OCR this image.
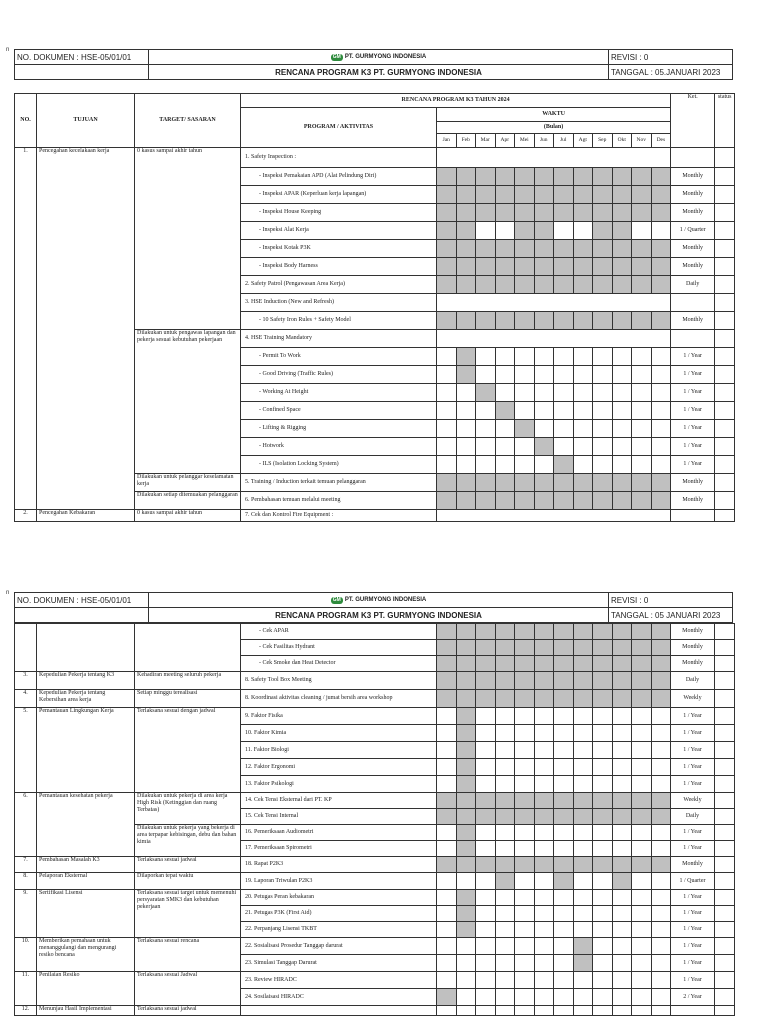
n
n
NO. DOKUMEN : HSE-05/01/01	GM PT. GURMYONG INDONESIA	REVISI : 0
	RENCANA PROGRAM K3 PT. GURMYONG INDONESIA	TANGGAL : 05.JANUARI 2023
NO.	TUJUAN	TARGET/ SASARAN	RENCANA PROGRAM K3 TAHUN 2024													Ket.	status
			PROGRAM / AKTIVITAS	WAKTU													
				(Bulan)													
				Jan	Feb	Mar	Apr	Mei	Jun	Jul	Agt	Sep	Okt	Nov	Des		
1.	Pencegahan kecelakaan kerja	0 kasus sampai akhir tahun	1. Safety Inspection :														
			- Inspeksi Pemakaian APD (Alat Pelindung Diri)													Monthly	
			- Inspeksi APAR (Keperluan kerja lapangan)													Monthly	
			- Inspeksi House Keeping													Monthly	
			- Inspeksi Alat Kerja													1 / Quarter	
			- Inspeksi Kotak P3K													Monthly	
			- Inspeksi Body Harness													Monthly	
			2. Safety Patrol (Pengawasan Area Kerja)													Daily	
			3. HSE Induction (New and Refresh)														
			- 10 Safety Iron Rules + Safety Model													Monthly	
		Dilakukan untuk pengawas lapangan dan pekerja sesuai kebutuhan pekerjaan	4. HSE Training Mandatory														
			- Permit To Work													1 / Year	
			- Good Driving (Traffic Rules)													1 / Year	
			- Working At Height													1 / Year	
			- Confined Space													1 / Year	
			- Lifting & Rigging													1 / Year	
			- Hotwork													1 / Year	
			- ILS (Isolation Locking System)													1 / Year	
		Dilakukan untuk pelanggar keselamatan kerja	5. Training / Induction terkait temuan pelanggaran													Monthly	
		Dilakukan setiap ditemuakan pelanggaran	6. Pembahasan temuan melalui meeting													Monthly	
2.	Pencegahan Kebakaran	0 kasus sampai akhir tahun	7. Cek dan Kontrol Fire Equipment :														
NO. DOKUMEN : HSE-05/01/01	GM PT. GURMYONG INDONESIA	REVISI : 0
	RENCANA PROGRAM K3 PT. GURMYONG INDONESIA	TANGGAL : 05 JANUARI 2023
			- Cek APAR													Monthly	
			- Cek Fasilitas Hydrant													Monthly	
			- Cek Smoke dan Heat Detector													Monthly	
3.	Kepedulian Pekerja tentang K3	Kehadiran meeting seluruh pekerja	8. Safety Tool Box Meeting													Daily	
4.	Kepedulian Pekerja tentang Kebersihan area kerja	Setiap minggu terealisasi	8. Koordinasi aktivitas cleaning / jumat bersih area workshop													Weekly	
5.	Pemantauan Lingkungan Kerja	Terlaksana sesuai dengan jadwal	9. Faktor Fisika													1 / Year	
			10. Faktor Kimia													1 / Year	
			11. Faktor Biologi													1 / Year	
			12. Faktor Ergonomi													1 / Year	
			13. Faktor Psikologi													1 / Year	
6.	Pemantauan kesehatan pekerja	Dilakukan untuk pekerja di area kerja High Risk (Ketinggian dan ruang Terbatas)	14. Cek Tensi Eksternal dari PT. KP													Weekly	
			15. Cek Tensi Internal													Daily	
		Dilakukan untuk pekerja yang bekerja di area terpapar kebisingan, debu dan bahan kimia	16. Pemeriksaan Audiometri													1 / Year	
			17. Pemeriksaan Spirometri													1 / Year	
7.	Pembahasan Masalah K3	Terlaksana sesuai jadwal	18. Rapat P2K3													Monthly	
8.	Pelaporan Eksternal	Dilaporkan tepat waktu	19. Laporan Triwulan P2K3													1 / Quarter	
9.	Sertifikasi Lisensi	Terlaksana sesuai target untuk memenuhi persyaratan SMK3 dan kebutuhan pekerjaan	20. Petugas Peran kebakaran													1 / Year	
			21. Petugas P3K (First Aid)													1 / Year	
			22. Perpanjang Lisensi TKBT													1 / Year	
10.	Memberikan pemahaan untuk menanggulangi dan mengurangi resiko bencana	Terlaksana sesuai rencana	22. Sosialisasi Prosedur Tanggap darurat													1 / Year	
			23. Simulasi Tanggap Darurat													1 / Year	
11.	Penilaian Resiko	Terlaksana sesuai Jadwal	23. Review HIRADC													1 / Year	
			24. Sosilaisasi HIRADC													2 / Year	
12.	Menunjau Hasil Implementasi	Terlaksana sesuai jadwal															
